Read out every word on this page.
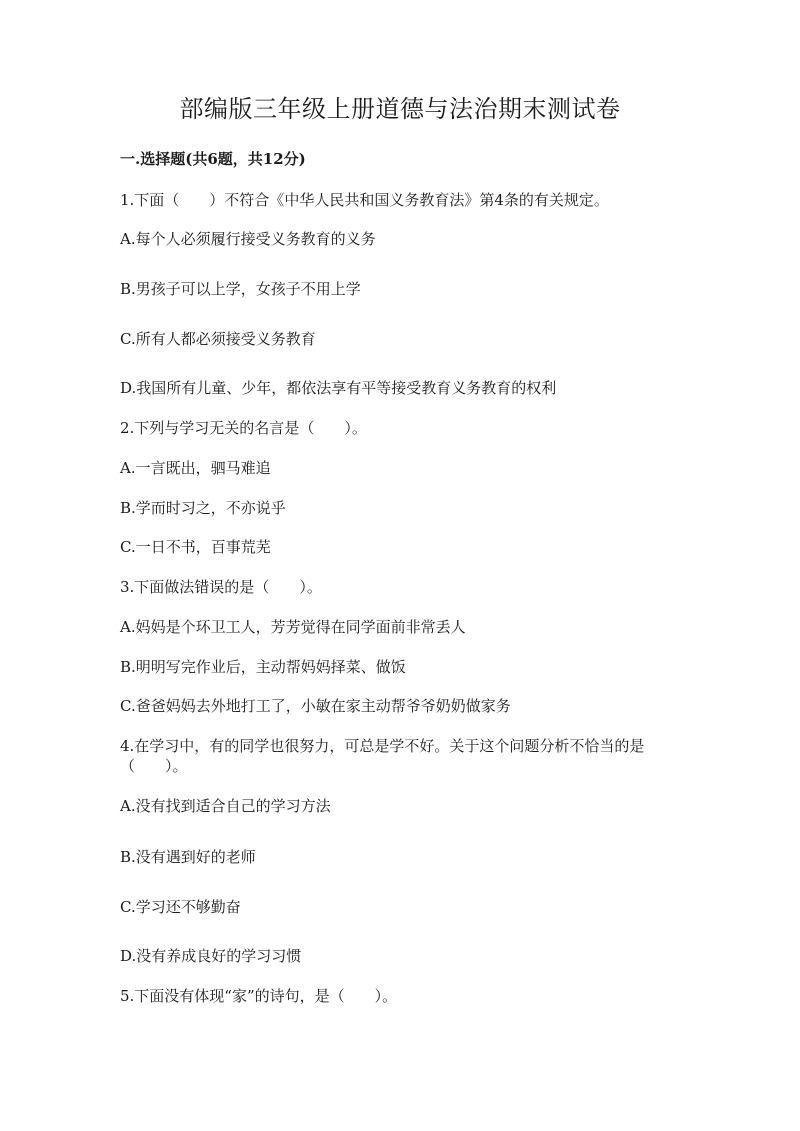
部编版三年级上册道德与法治期末测试卷
一.选择题(共6题，共12分)
1.下面（　　）不符合《中华人民共和国义务教育法》第4条的有关规定。
A.每个人必须履行接受义务教育的义务
B.男孩子可以上学，女孩子不用上学
C.所有人都必须接受义务教育
D.我国所有儿童、少年，都依法享有平等接受教育义务教育的权利
2.下列与学习无关的名言是（　　）。
A.一言既出，驷马难追
B.学而时习之，不亦说乎
C.一日不书，百事荒芜
3.下面做法错误的是（　　）。
A.妈妈是个环卫工人，芳芳觉得在同学面前非常丢人
B.明明写完作业后，主动帮妈妈择菜、做饭
C.爸爸妈妈去外地打工了，小敏在家主动帮爷爷奶奶做家务
4.在学习中，有的同学也很努力，可总是学不好。关于这个问题分析不恰当的是（　　）。
A.没有找到适合自己的学习方法
B.没有遇到好的老师
C.学习还不够勤奋
D.没有养成良好的学习习惯
5.下面没有体现“家”的诗句，是（　　）。
